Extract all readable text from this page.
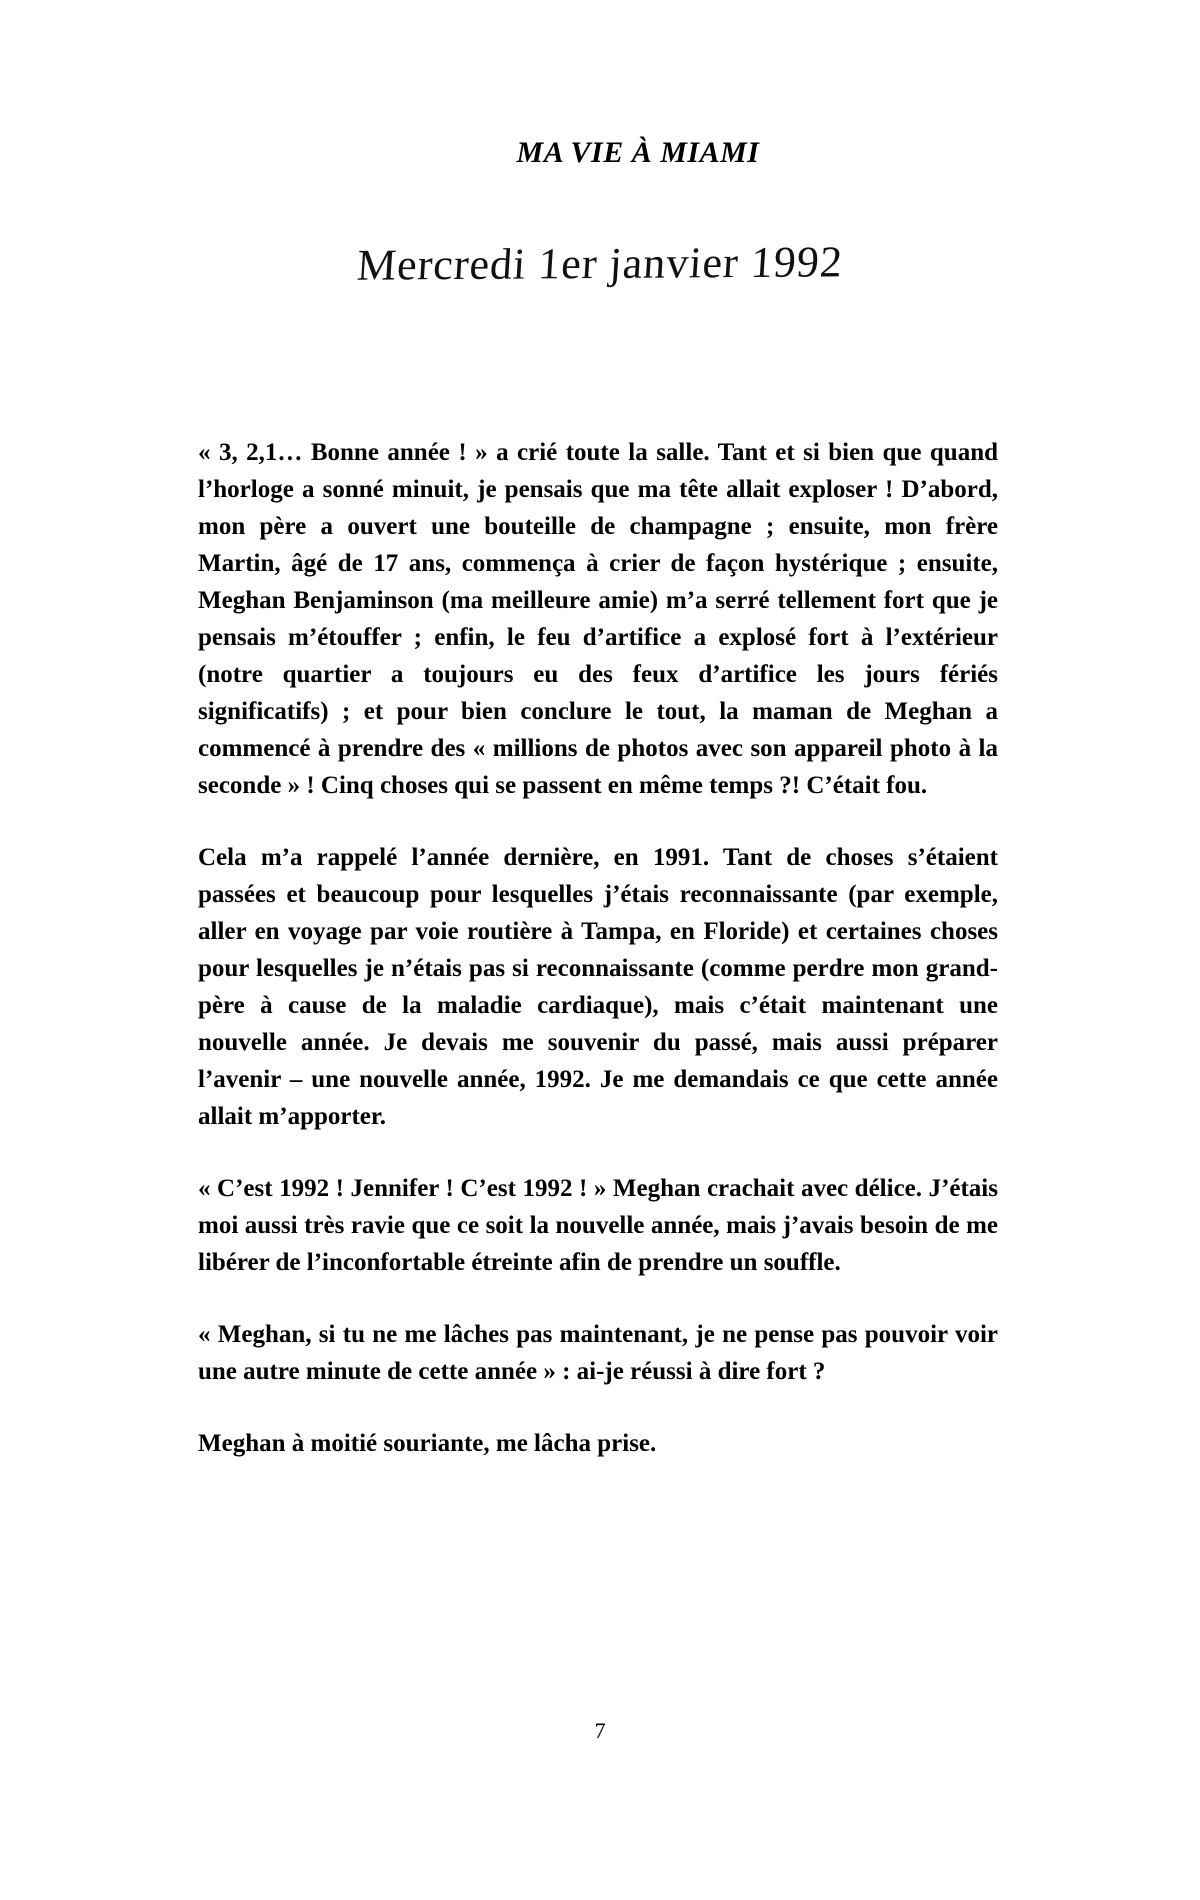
MA VIE À MIAMI
Mercredi 1er janvier 1992

« 3, 2,1… Bonne année ! » a crié toute la salle. Tant et si bien que quand l’horloge a sonné minuit, je pensais que ma tête allait exploser ! D’abord, mon père a ouvert une bouteille de champagne ; ensuite, mon frère Martin, âgé de 17 ans, commença à crier de façon hystérique ; ensuite, Meghan Benjaminson (ma meilleure amie) m’a serré tellement fort que je pensais m’étouffer ; enfin, le feu d’artifice a explosé fort à l’extérieur (notre quartier a toujours eu des feux d’artifice les jours fériés significatifs) ; et pour bien conclure le tout, la maman de Meghan a commencé à prendre des « millions de photos avec son appareil photo à la seconde » ! Cinq choses qui se passent en même temps ?! C’était fou.

Cela m’a rappelé l’année dernière, en 1991. Tant de choses s’étaient passées et beaucoup pour lesquelles j’étais reconnaissante (par exemple, aller en voyage par voie routière à Tampa, en Floride) et certaines choses pour lesquelles je n’étais pas si reconnaissante (comme perdre mon grand-père à cause de la maladie cardiaque), mais c’était maintenant une nouvelle année. Je devais me souvenir du passé, mais aussi préparer l’avenir – une nouvelle année, 1992. Je me demandais ce que cette année allait m’apporter.

« C’est 1992 ! Jennifer ! C’est 1992 ! » Meghan crachait avec délice. J’étais moi aussi très ravie que ce soit la nouvelle année, mais j’avais besoin de me libérer de l’inconfortable étreinte afin de prendre un souffle.

« Meghan, si tu ne me lâches pas maintenant, je ne pense pas pouvoir voir une autre minute de cette année » : ai-je réussi à dire fort ?

Meghan à moitié souriante, me lâcha prise.

7
